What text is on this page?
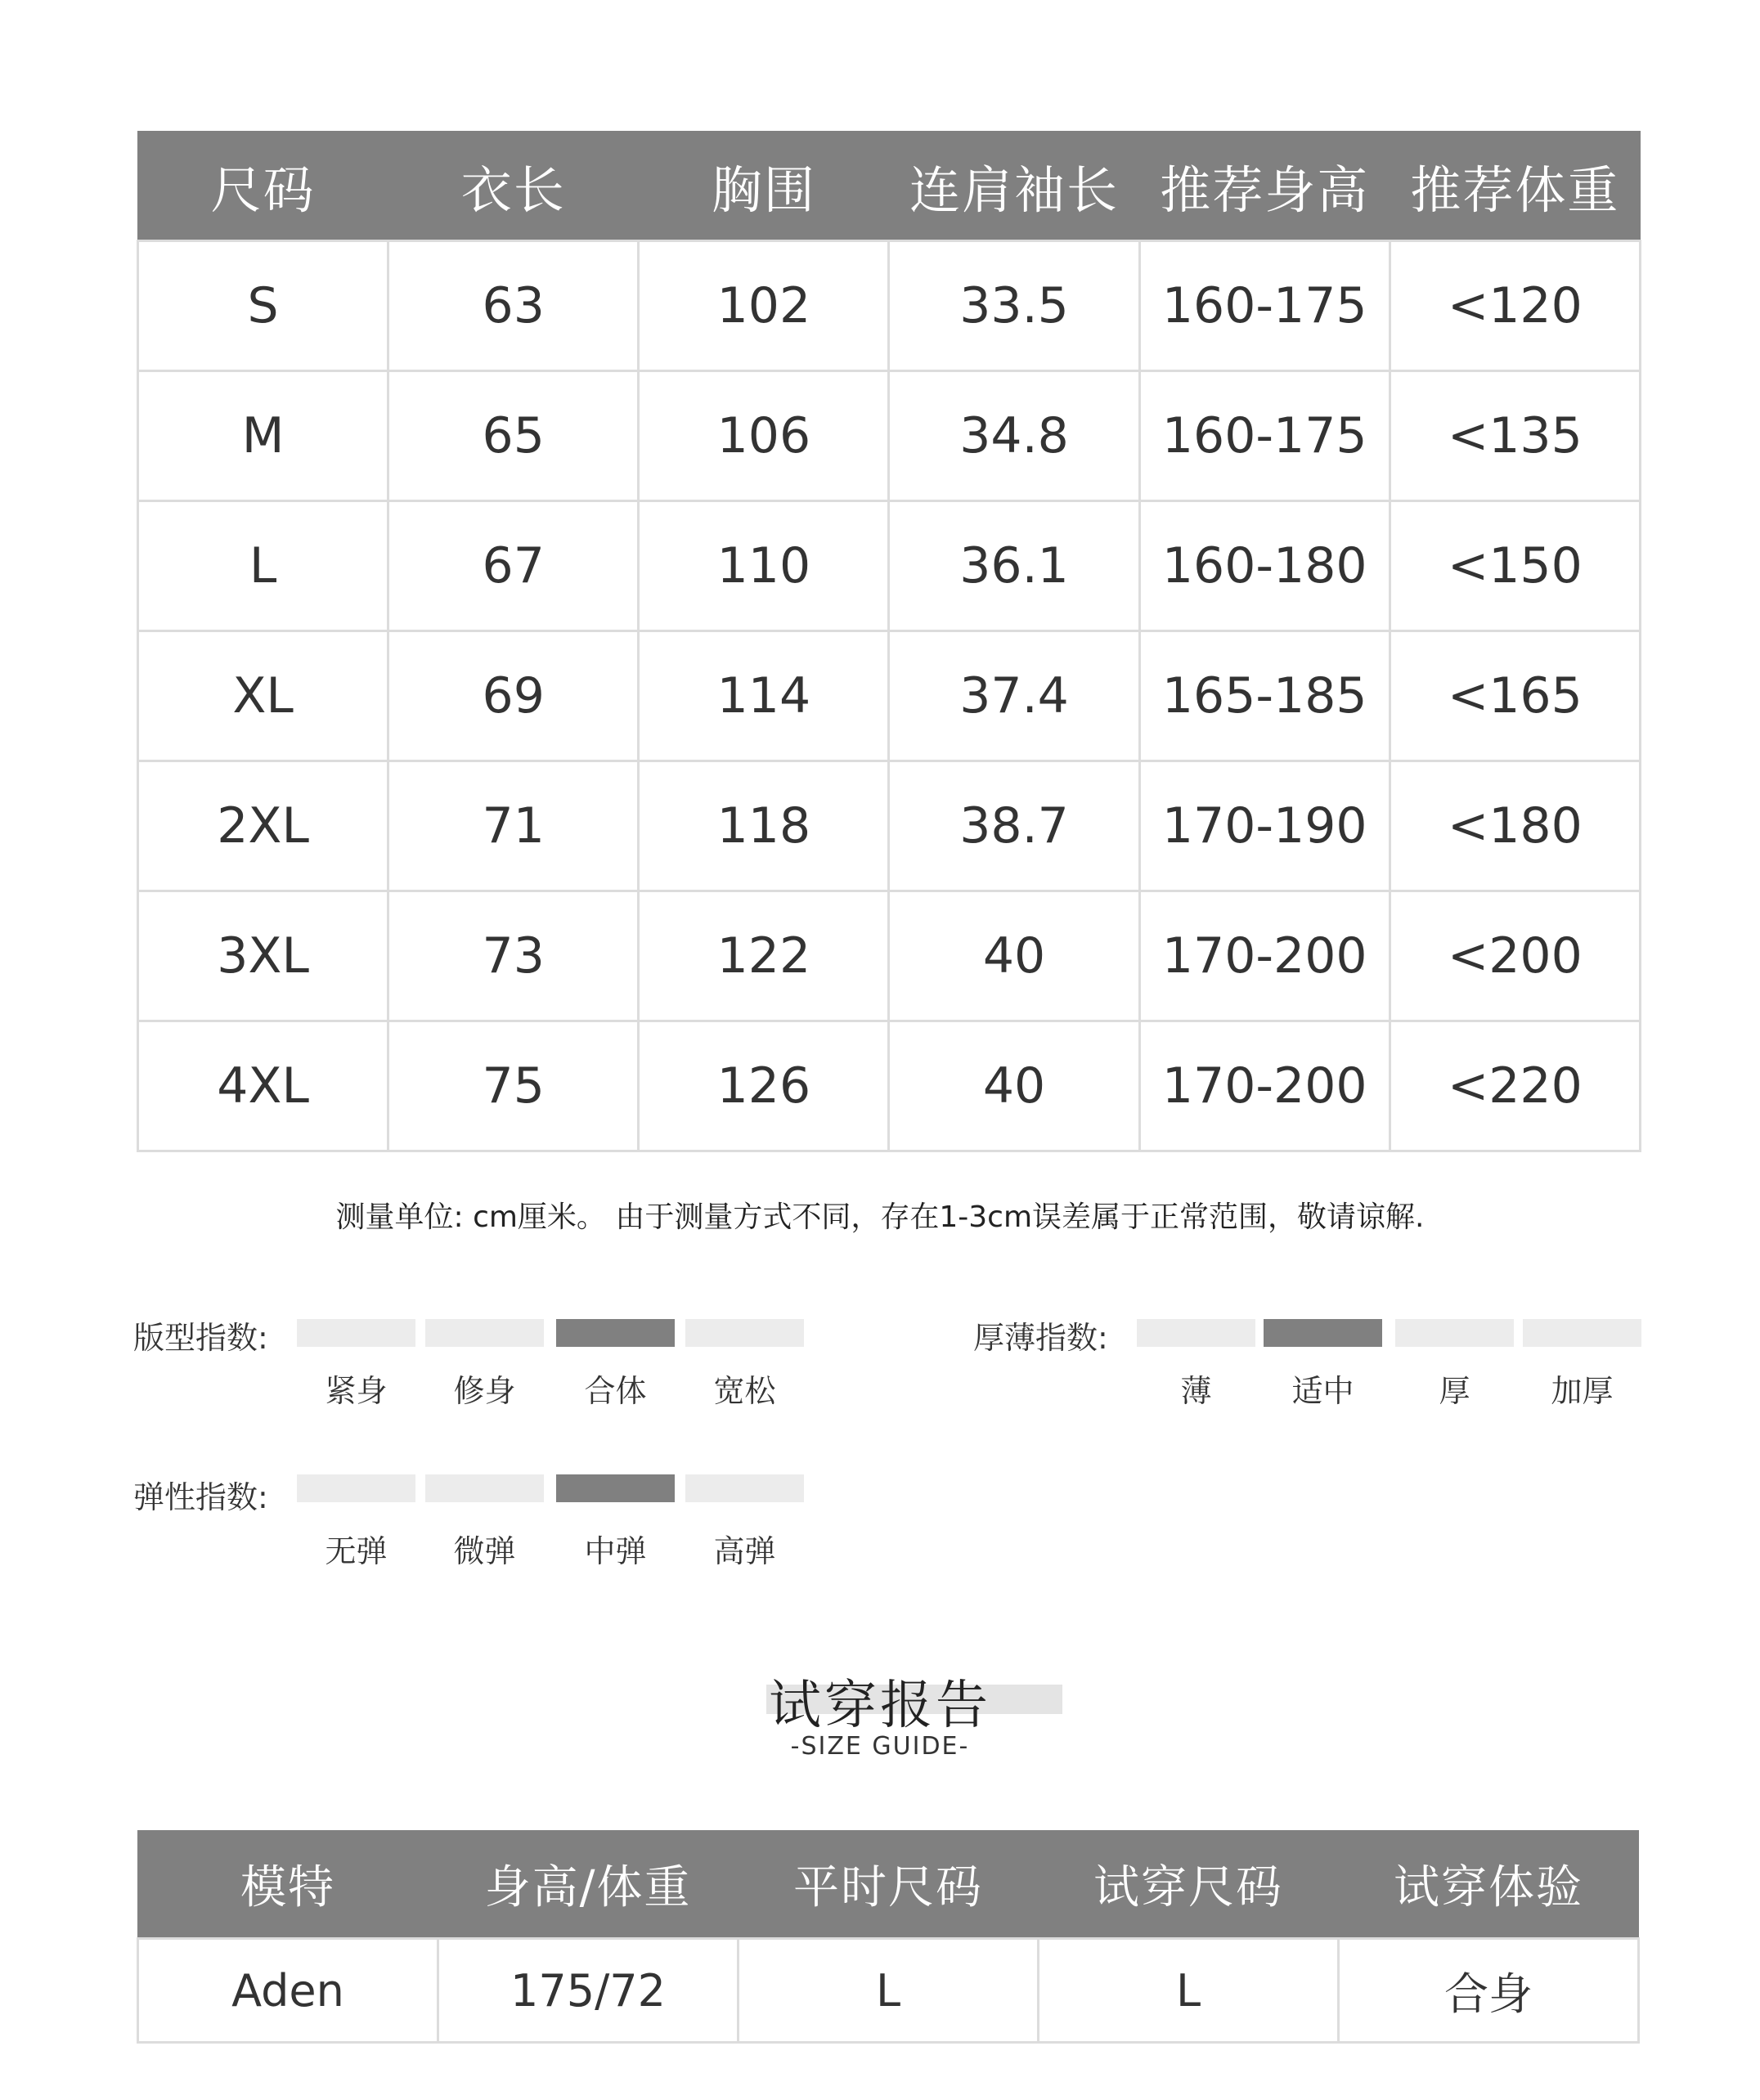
尺码	衣长	胸围	连肩袖长	推荐身高	推荐体重
S	63	102	33.5	160-175	<120
M	65	106	34.8	160-175	<135
L	67	110	36.1	160-180	<150
XL	69	114	37.4	165-185	<165
2XL	71	118	38.7	170-190	<180
3XL	73	122	40	170-200	<200
4XL	75	126	40	170-200	<220
测量单位: cm厘米。 由于测量方式不同，存在1-3cm误差属于正常范围，敬请谅解.
版型指数:
紧身	修身	合体	宽松
厚薄指数:
薄	适中	厚	加厚
弹性指数:
无弹	微弹	中弹	高弹
试穿报告
-SIZE GUIDE-
模特	身高/体重	平时尺码	试穿尺码	试穿体验
Aden	175/72	L	L	合身
